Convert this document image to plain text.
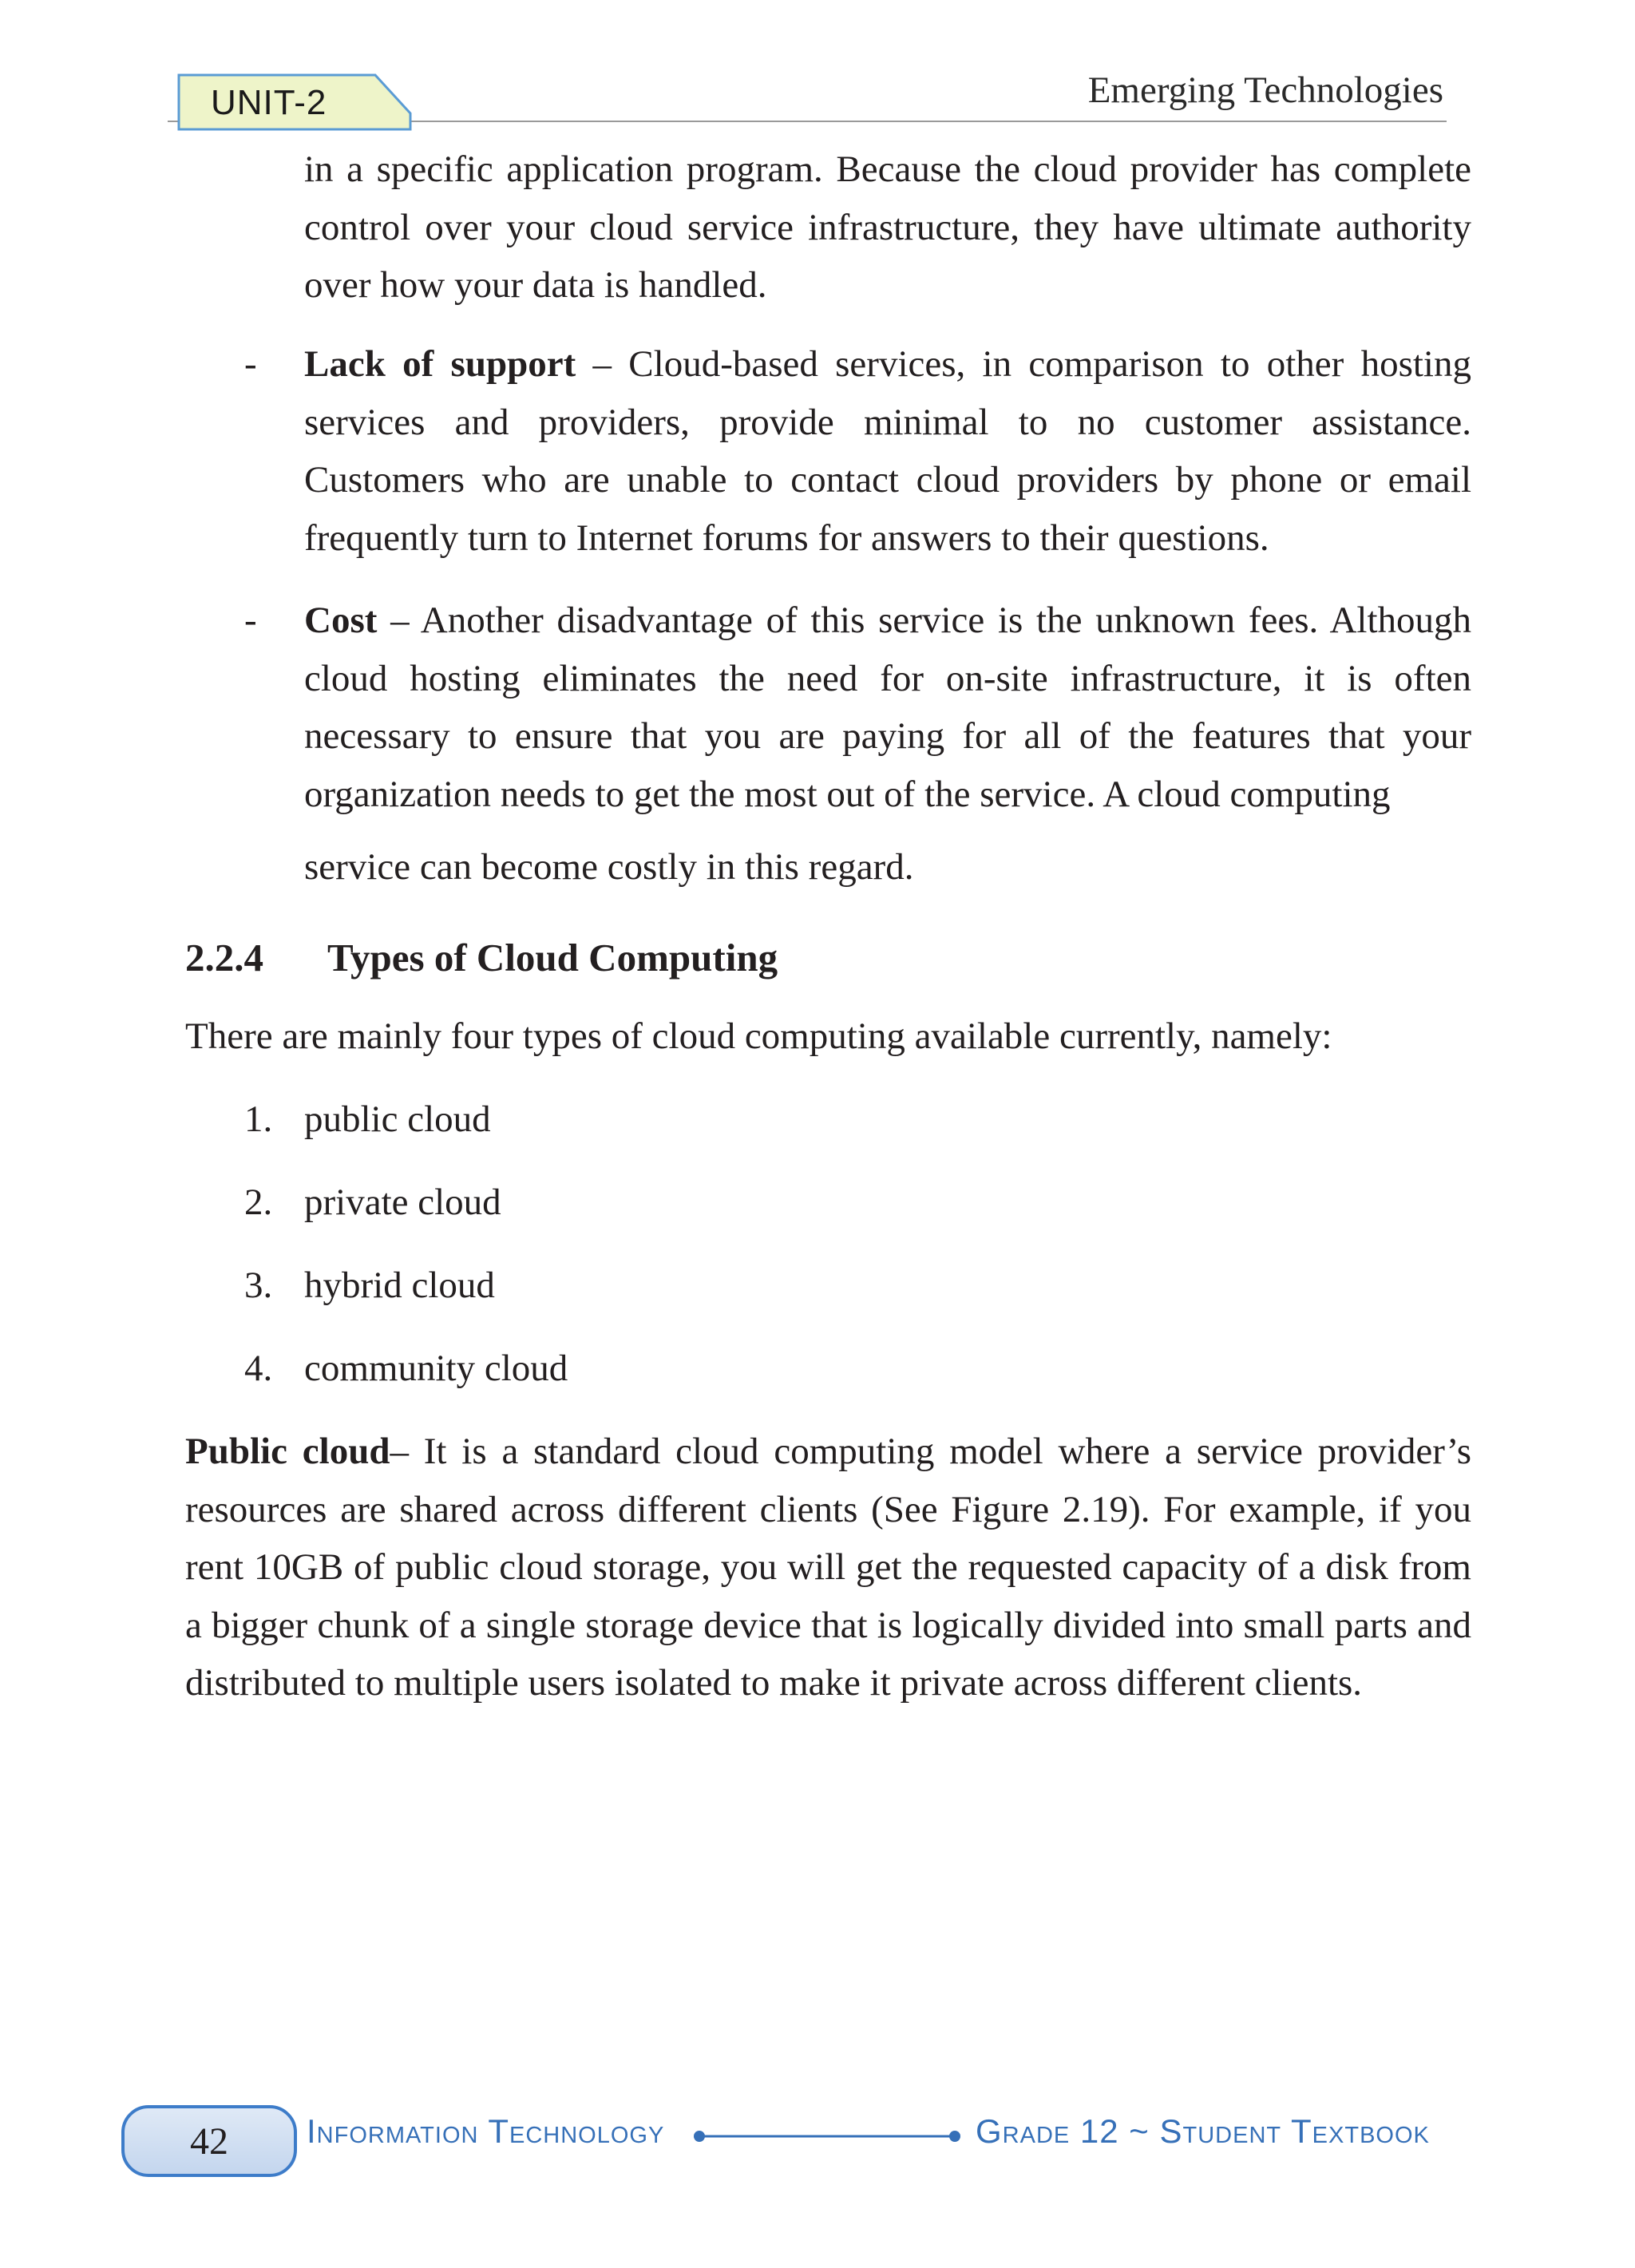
UNIT-2	Emerging Technologies

in a specific application program. Because the cloud provider has complete control over your cloud service infrastructure, they have ultimate authority over how your data is handled.

- Lack of support – Cloud-based services, in comparison to other hosting services and providers, provide minimal to no customer assistance. Customers who are unable to contact cloud providers by phone or email frequently turn to Internet forums for answers to their questions.

- Cost – Another disadvantage of this service is the unknown fees. Although cloud hosting eliminates the need for on-site infrastructure, it is often necessary to ensure that you are paying for all of the features that your organization needs to get the most out of the service. A cloud computing

service can become costly in this regard.

2.2.4 Types of Cloud Computing

There are mainly four types of cloud computing available currently, namely:

1. public cloud
2. private cloud
3. hybrid cloud
4. community cloud

Public cloud– It is a standard cloud computing model where a service provider’s resources are shared across different clients (See Figure 2.19). For example, if you rent 10GB of public cloud storage, you will get the requested capacity of a disk from a bigger chunk of a single storage device that is logically divided into small parts and distributed to multiple users isolated to make it private across different clients.

42	Information Technology	Grade 12 ~ Student Textbook
